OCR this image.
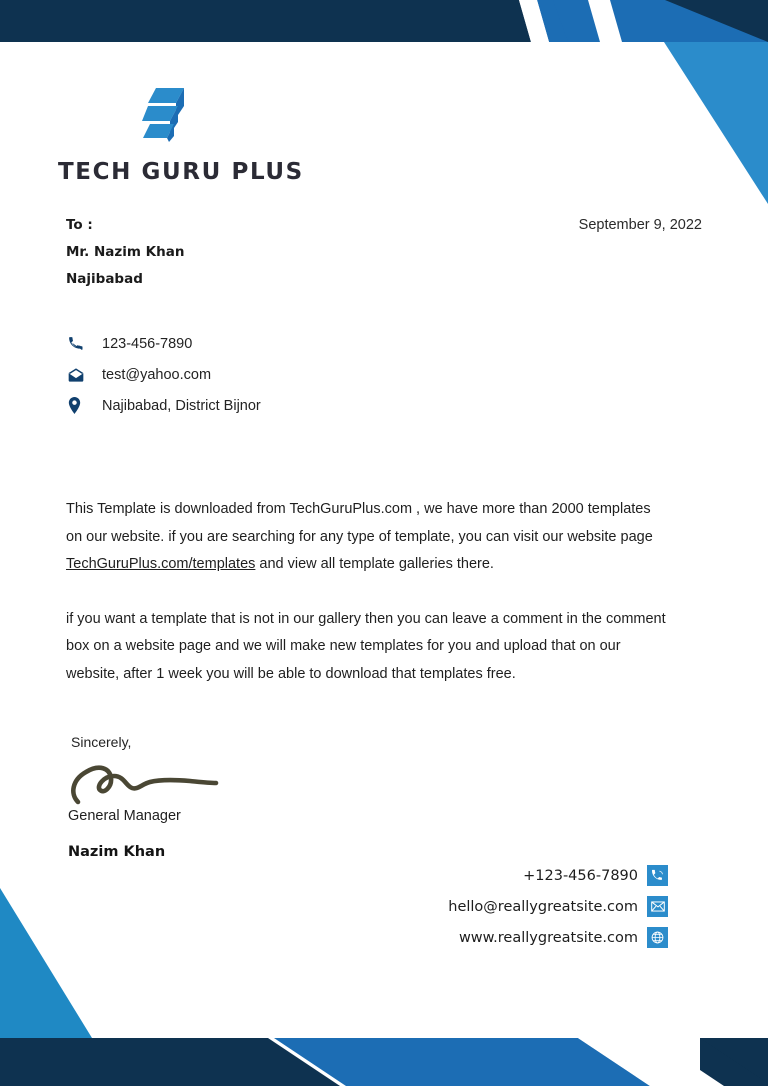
TECH GURU PLUS
September 9, 2022
To :
Mr. Nazim Khan
Najibabad
123-456-7890
test@yahoo.com
Najibabad, District Bijnor

This Template is downloaded from TechGuruPlus.com , we have more than 2000 templates on our website. if you are searching for any type of template, you can visit our website page TechGuruPlus.com/templates and view all template galleries there.

if you want a template that is not in our gallery then you can leave a comment in the comment box on a website page and we will make new templates for you and upload that on our website, after 1 week you will be able to download that templates free.

Sincerely,
General Manager
Nazim Khan
+123-456-7890
hello@reallygreatsite.com
www.reallygreatsite.com
